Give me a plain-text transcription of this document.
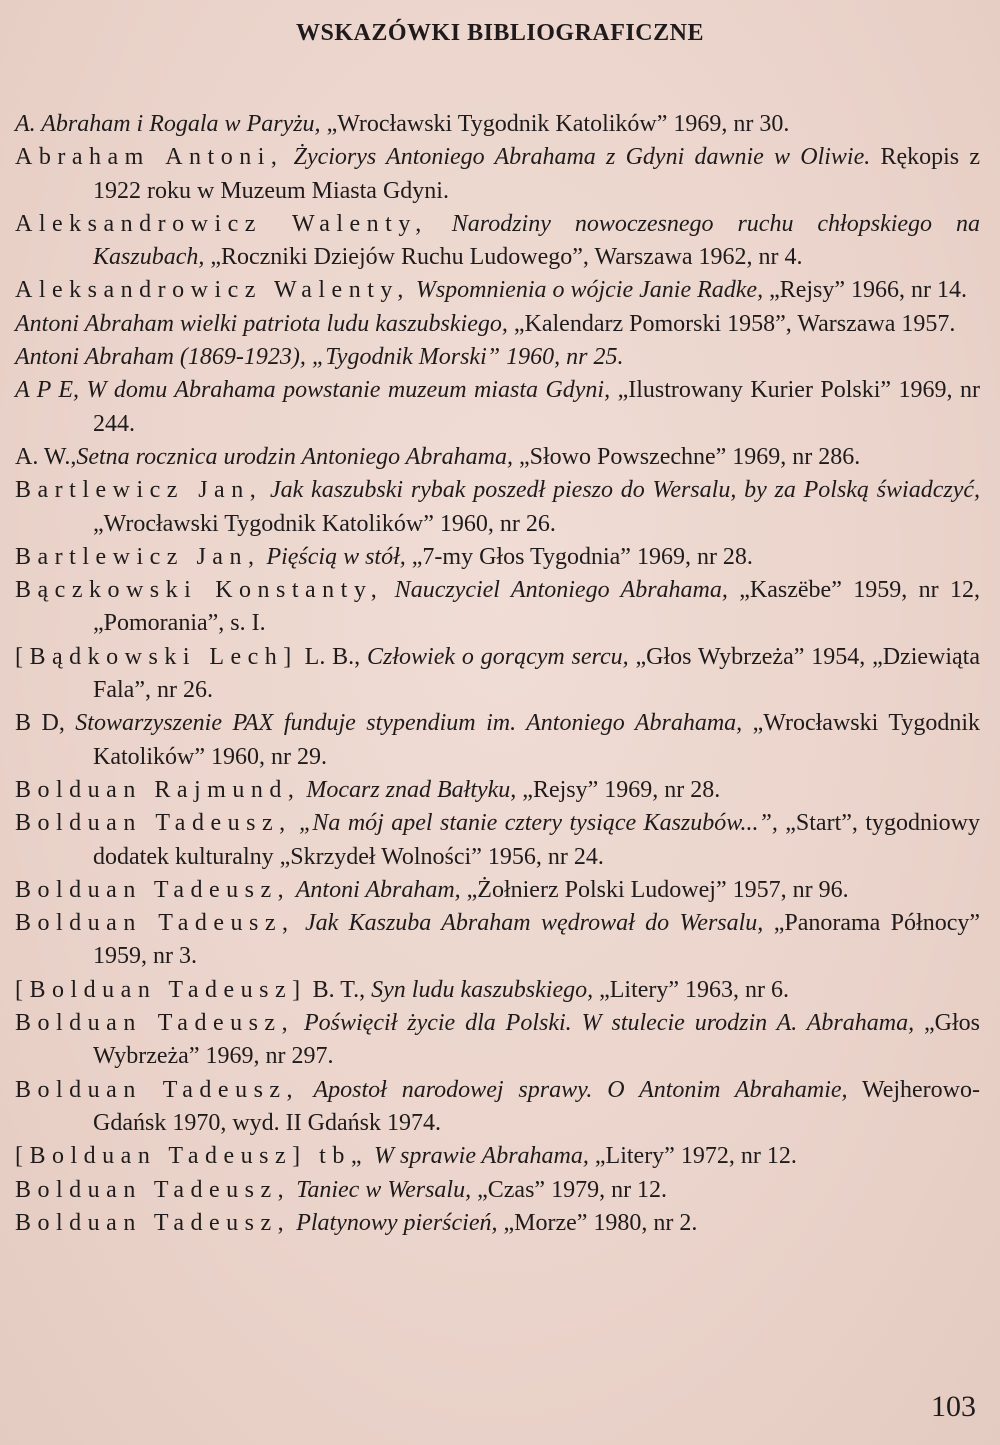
WSKAZÓWKI BIBLIOGRAFICZNE
A. Abraham i Rogala w Paryżu, „Wrocławski Tygodnik Katolików” 1969, nr 30.
Abraham Antoni, Życiorys Antoniego Abrahama z Gdyni dawnie w Oliwie. Rękopis z 1922 roku w Muzeum Miasta Gdyni.
Aleksandrowicz Walenty, Narodziny nowoczesnego ruchu chłopskiego na Kaszubach, „Roczniki Dziejów Ruchu Ludowego”, Warszawa 1962, nr 4.
Aleksandrowicz Walenty, Wspomnienia o wójcie Janie Radke, „Rejsy” 1966, nr 14.
Antoni Abraham wielki patriota ludu kaszubskiego, „Kalendarz Pomorski 1958”, Warszawa 1957.
Antoni Abraham (1869-1923), „Tygodnik Morski” 1960, nr 25.
A P E, W domu Abrahama powstanie muzeum miasta Gdyni, „Ilustrowany Kurier Polski” 1969, nr 244.
A. W.,Setna rocznica urodzin Antoniego Abrahama, „Słowo Powszechne” 1969, nr 286.
Bartlewicz Jan, Jak kaszubski rybak poszedł pieszo do Wersalu, by za Polską świadczyć, „Wrocławski Tygodnik Katolików” 1960, nr 26.
Bartlewicz Jan, Pięścią w stół, „7-my Głos Tygodnia” 1969, nr 28.
Bączkowski Konstanty, Nauczyciel Antoniego Abrahama, „Kaszëbe” 1959, nr 12, „Pomorania”, s. I.
[Bądkowski Lech] L. B., Człowiek o gorącym sercu, „Głos Wybrzeża” 1954, „Dziewiąta Fala”, nr 26.
B D, Stowarzyszenie PAX funduje stypendium im. Antoniego Abrahama, „Wrocławski Tygodnik Katolików” 1960, nr 29.
Bolduan Rajmund, Mocarz znad Bałtyku, „Rejsy” 1969, nr 28.
Bolduan Tadeusz, „Na mój apel stanie cztery tysiące Kaszubów...”, „Start”, tygodniowy dodatek kulturalny „Skrzydeł Wolności” 1956, nr 24.
Bolduan Tadeusz, Antoni Abraham, „Żołnierz Polski Ludowej” 1957, nr 96.
Bolduan Tadeusz, Jak Kaszuba Abraham wędrował do Wersalu, „Panorama Północy” 1959, nr 3.
[Bolduan Tadeusz] B. T., Syn ludu kaszubskiego, „Litery” 1963, nr 6.
Bolduan Tadeusz, Poświęcił życie dla Polski. W stulecie urodzin A. Abrahama, „Głos Wybrzeża” 1969, nr 297.
Bolduan Tadeusz, Apostoł narodowej sprawy. O Antonim Abrahamie, Wejherowo-Gdańsk 1970, wyd. II Gdańsk 1974.
[Bolduan Tadeusz] tb„ W sprawie Abrahama, „Litery” 1972, nr 12.
Bolduan Tadeusz, Taniec w Wersalu, „Czas” 1979, nr 12.
Bolduan Tadeusz, Platynowy pierścień, „Morze” 1980, nr 2.
103
